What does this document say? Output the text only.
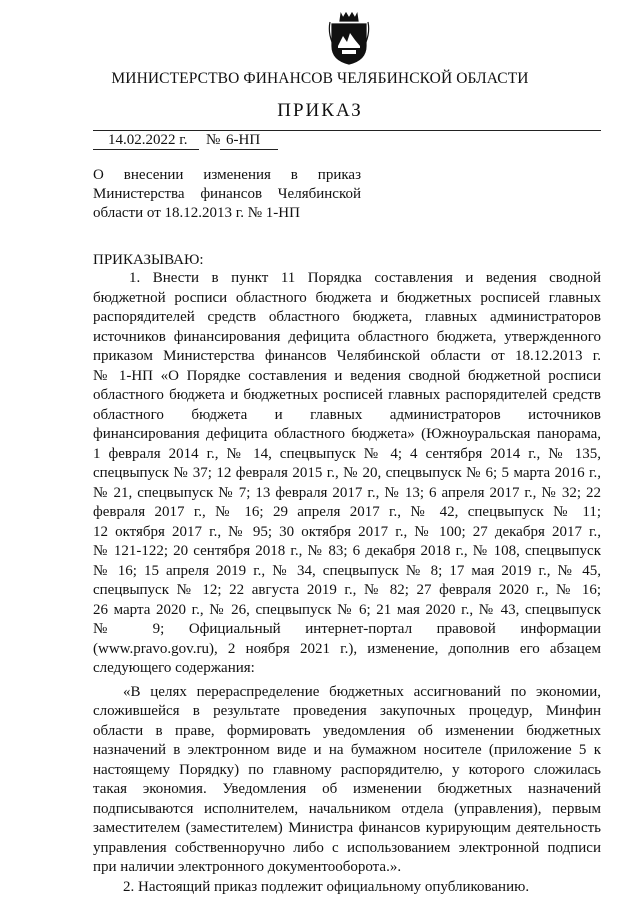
МИНИСТЕРСТВО ФИНАНСОВ ЧЕЛЯБИНСКОЙ ОБЛАСТИ
ПРИКАЗ
14.02.2022 г. № 6-НП
О внесении изменения в приказ
Министерства финансов Челябинской
области от 18.12.2013 г. № 1-НП
ПРИКАЗЫВАЮ:
1. Внести в пункт 11 Порядка составления и ведения сводной
бюджетной росписи областного бюджета и бюджетных росписей главных
распорядителей средств областного бюджета, главных администраторов
источников финансирования дефицита областного бюджета, утвержденного
приказом Министерства финансов Челябинской области от 18.12.2013 г.
№ 1-НП «О Порядке составления и ведения сводной бюджетной росписи
областного бюджета и бюджетных росписей главных распорядителей средств
областного бюджета и главных администраторов источников
финансирования дефицита областного бюджета» (Южноуральская панорама,
1 февраля 2014 г., № 14, спецвыпуск № 4; 4 сентября 2014 г., № 135,
спецвыпуск № 37; 12 февраля 2015 г., № 20, спецвыпуск № 6; 5 марта 2016 г.,
№ 21, спецвыпуск № 7; 13 февраля 2017 г., № 13; 6 апреля 2017 г., № 32; 22
февраля 2017 г., № 16; 29 апреля 2017 г., № 42, спецвыпуск № 11;
12 октября 2017 г., № 95; 30 октября 2017 г., № 100; 27 декабря 2017 г.,
№ 121-122; 20 сентября 2018 г., № 83; 6 декабря 2018 г., № 108, спецвыпуск
№ 16; 15 апреля 2019 г., № 34, спецвыпуск № 8; 17 мая 2019 г., № 45,
спецвыпуск № 12; 22 августа 2019 г., № 82; 27 февраля 2020 г., № 16;
26 марта 2020 г., № 26, спецвыпуск № 6; 21 мая 2020 г., № 43, спецвыпуск
№ 9; Официальный интернет-портал правовой информации
(www.pravo.gov.ru), 2 ноября 2021 г.), изменение, дополнив его абзацем
следующего содержания:
«В целях перераспределение бюджетных ассигнований по экономии,
сложившейся в результате проведения закупочных процедур, Минфин
области в праве, формировать уведомления об изменении бюджетных
назначений в электронном виде и на бумажном носителе (приложение 5 к
настоящему Порядку) по главному распорядителю, у которого сложилась
такая экономия. Уведомления об изменении бюджетных назначений
подписываются исполнителем, начальником отдела (управления), первым
заместителем (заместителем) Министра финансов курирующим деятельность
управления собственноручно либо с использованием электронной подписи
при наличии электронного документооборота.».
2. Настоящий приказ подлежит официальному опубликованию.
